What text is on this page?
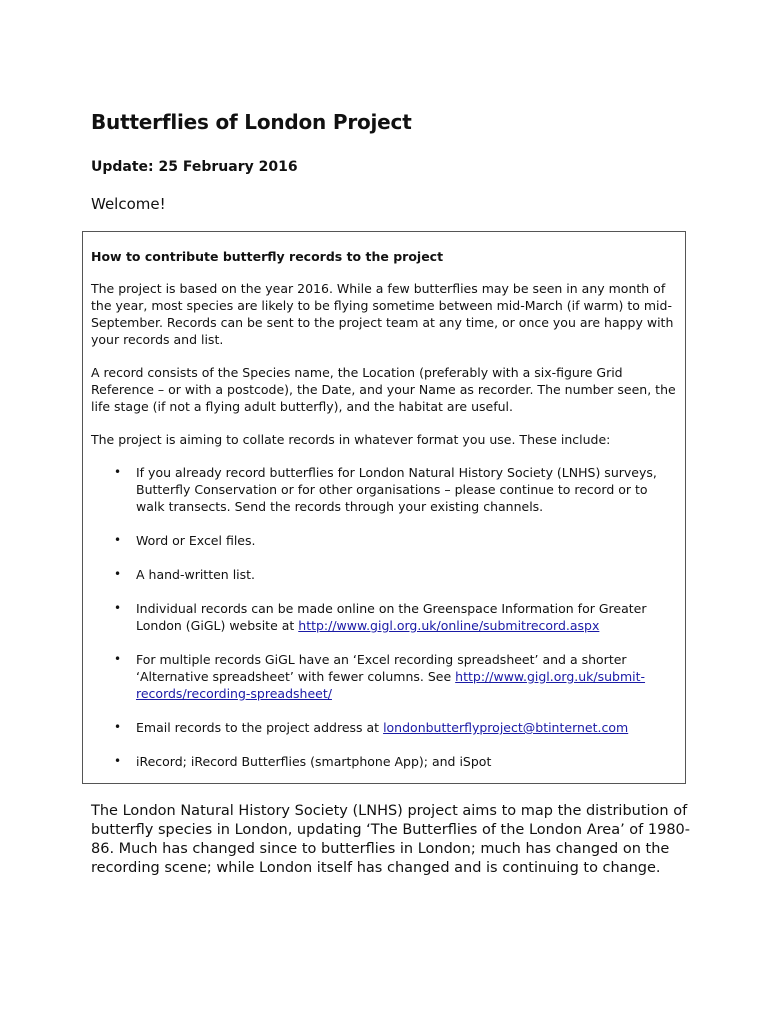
Butterflies of London Project

Update: 25 February 2016

Welcome!

How to contribute butterfly records to the project

The project is based on the year 2016. While a few butterflies may be seen in any month of the year, most species are likely to be flying sometime between mid-March (if warm) to mid-September. Records can be sent to the project team at any time, or once you are happy with your records and list.

A record consists of the Species name, the Location (preferably with a six-figure Grid Reference – or with a postcode), the Date, and your Name as recorder. The number seen, the life stage (if not a flying adult butterfly), and the habitat are useful.

The project is aiming to collate records in whatever format you use. These include:

• If you already record butterflies for London Natural History Society (LNHS) surveys, Butterfly Conservation or for other organisations – please continue to record or to walk transects. Send the records through your existing channels.
• Word or Excel files.
• A hand-written list.
• Individual records can be made online on the Greenspace Information for Greater London (GiGL) website at http://www.gigl.org.uk/online/submitrecord.aspx
• For multiple records GiGL have an ‘Excel recording spreadsheet’ and a shorter ‘Alternative spreadsheet’ with fewer columns. See http://www.gigl.org.uk/submit-records/recording-spreadsheet/
• Email records to the project address at londonbutterflyproject@btinternet.com
• iRecord; iRecord Butterflies (smartphone App); and iSpot

The London Natural History Society (LNHS) project aims to map the distribution of butterfly species in London, updating ‘The Butterflies of the London Area’ of 1980-86. Much has changed since to butterflies in London; much has changed on the recording scene; while London itself has changed and is continuing to change.
